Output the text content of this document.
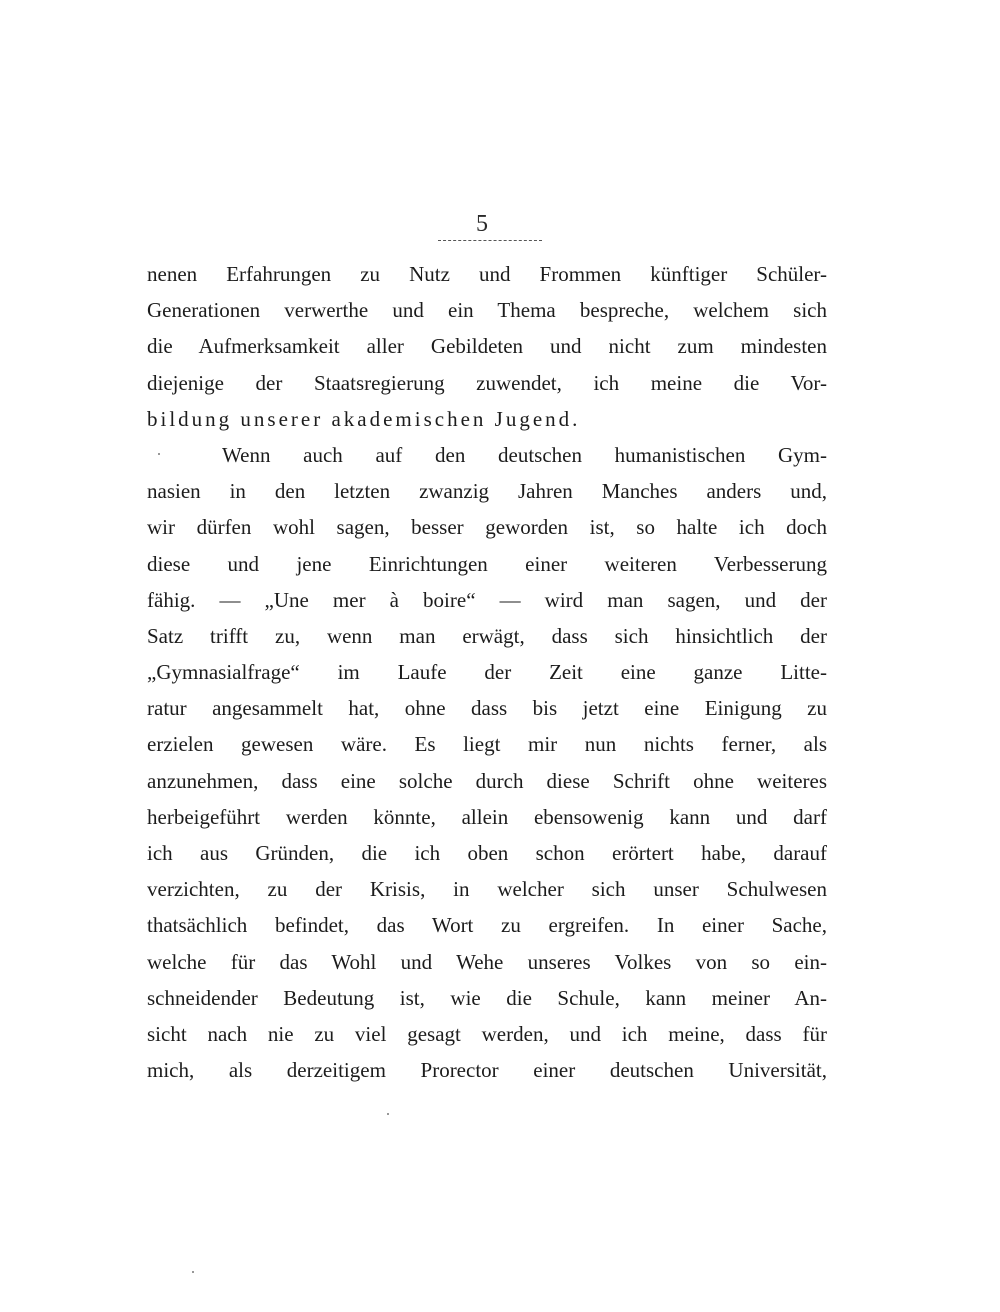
5
nenen Erfahrungen zu Nutz und Frommen künftiger Schüler-
Generationen verwerthe und ein Thema bespreche, welchem sich
die Aufmerksamkeit aller Gebildeten und nicht zum mindesten
diejenige der Staatsregierung zuwendet, ich meine die Vor-
bildung unserer akademischen Jugend.
Wenn auch auf den deutschen humanistischen Gym-
nasien in den letzten zwanzig Jahren Manches anders und,
wir dürfen wohl sagen, besser geworden ist, so halte ich doch
diese und jene Einrichtungen einer weiteren Verbesserung
fähig. — „Une mer à boire“ — wird man sagen, und der
Satz trifft zu, wenn man erwägt, dass sich hinsichtlich der
„Gymnasialfrage“ im Laufe der Zeit eine ganze Litte-
ratur angesammelt hat, ohne dass bis jetzt eine Einigung zu
erzielen gewesen wäre. Es liegt mir nun nichts ferner, als
anzunehmen, dass eine solche durch diese Schrift ohne weiteres
herbeigeführt werden könnte, allein ebensowenig kann und darf
ich aus Gründen, die ich oben schon erörtert habe, darauf
verzichten, zu der Krisis, in welcher sich unser Schulwesen
thatsächlich befindet, das Wort zu ergreifen. In einer Sache,
welche für das Wohl und Wehe unseres Volkes von so ein-
schneidender Bedeutung ist, wie die Schule, kann meiner An-
sicht nach nie zu viel gesagt werden, und ich meine, dass für
mich, als derzeitigem Prorector einer deutschen Universität,
